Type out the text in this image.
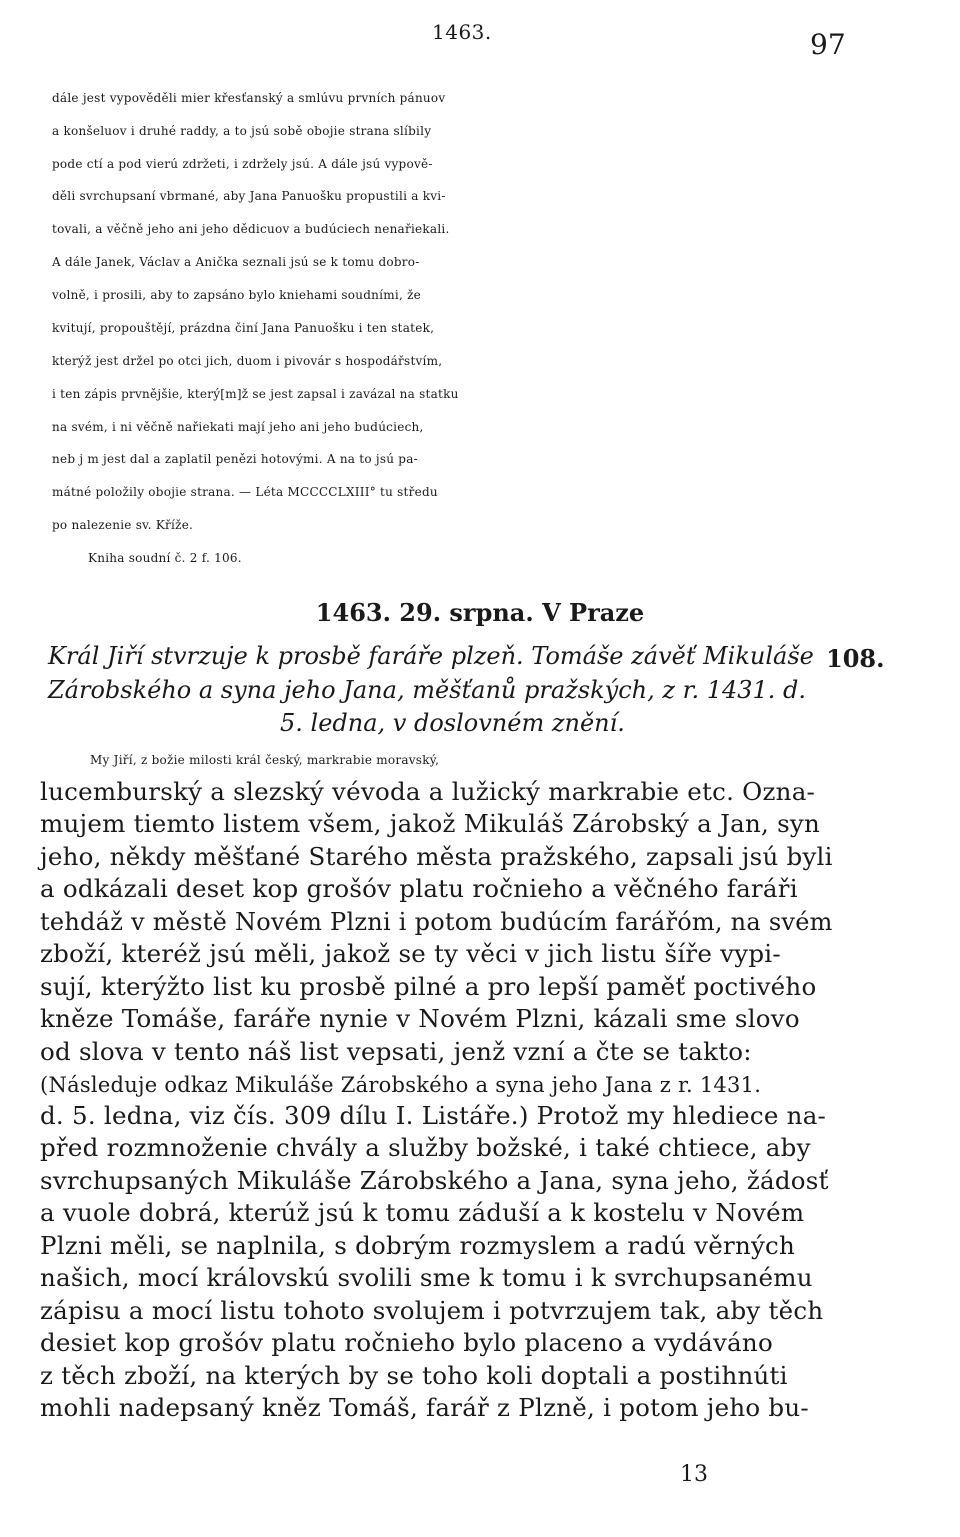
1463.	97
dále jest vypověděli mier křesťanský a smlúvu prvních pánuov
a konšeluov i druhé raddy, a to jsú sobě obojie strana slíbily
pode ctí a pod vierú zdržeti, i zdržely jsú. A dále jsú vypově-
děli svrchupsaní vbrmané, aby Jana Panuošku propustili a kvi-
tovali, a věčně jeho ani jeho dědicuov a budúciech nenařiekali.
A dále Janek, Václav a Anička seznali jsú se k tomu dobro-
volně, i prosili, aby to zapsáno bylo kniehami soudními, že
kvitují, propouštějí, prázdna činí Jana Panuošku i ten statek,
kterýž jest držel po otci jich, duom i pivovár s hospodářstvím,
i ten zápis prvnějšie, který[m]ž se jest zapsal i zavázal na statku
na svém, i ni věčně nařiekati mají jeho ani jeho budúciech,
neb j m jest dal a zaplatil penězi hotovými. A na to jsú pa-
mátné položily obojie strana. — Léta MCCCCLXIII° tu středu
po nalezenie sv. Kříže.
Kniha soudní č. 2 f. 106.
1463. 29. srpna. V Praze
Král Jiří stvrzuje k prosbě faráře plzeň. Tomáše závěť Mikuláše
Zárobského a syna jeho Jana, měšťanů pražských, z r. 1431. d.
5. ledna, v doslovném znění.
108.
My Jiří, z božie milosti král český, markrabie moravský,
lucemburský a slezský vévoda a lužický markrabie etc. Ozna-
mujem tiemto listem všem, jakož Mikuláš Zárobský a Jan, syn
jeho, někdy měšťané Starého města pražského, zapsali jsú byli
a odkázali deset kop grošóv platu ročnieho a věčného faráři
tehdáž v městě Novém Plzni i potom budúcím farářóm, na svém
zboží, kteréž jsú měli, jakož se ty věci v jich listu šíře vypi-
sují, kterýžto list ku prosbě pilné a pro lepší paměť poctivého
kněze Tomáše, faráře nynie v Novém Plzni, kázali sme slovo
od slova v tento náš list vepsati, jenž vzní a čte se takto:
(Následuje odkaz Mikuláše Zárobského a syna jeho Jana z r. 1431.
d. 5. ledna, viz čís. 309 dílu I. Listáře.) Protož my hlediece na-
před rozmnoženie chvály a služby božské, i také chtiece, aby
svrchupsaných Mikuláše Zárobského a Jana, syna jeho, žádosť
a vuole dobrá, kterúž jsú k tomu záduší a k kostelu v Novém
Plzni měli, se naplnila, s dobrým rozmyslem a radú věrných
našich, mocí královskú svolili sme k tomu i k svrchupsanému
zápisu a mocí listu tohoto svolujem i potvrzujem tak, aby těch
desiet kop grošóv platu ročnieho bylo placeno a vydáváno
z těch zboží, na kterých by se toho koli doptali a postihnúti
mohli nadepsaný kněz Tomáš, farář z Plzně, i potom jeho bu-
13
